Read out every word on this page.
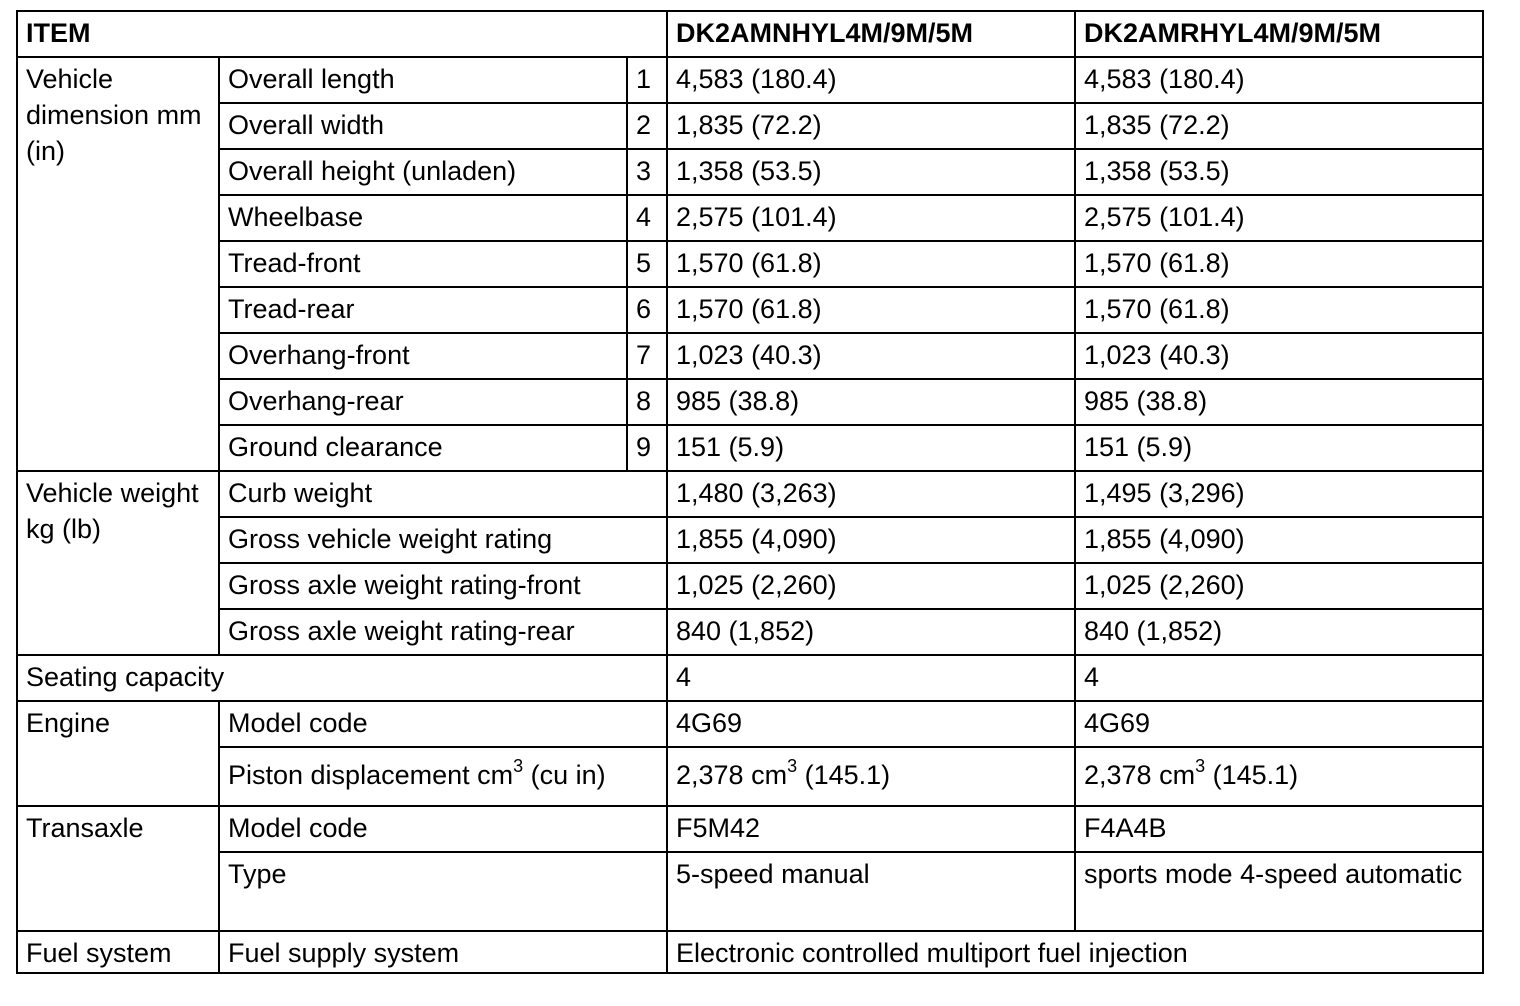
ITEM			DK2AMNHYL4M/9M/5M	DK2AMRHYL4M/9M/5M
Vehicle dimension mm (in)	Overall length	1	4,583 (180.4)	4,583 (180.4)
	Overall width	2	1,835 (72.2)	1,835 (72.2)
	Overall height (unladen)	3	1,358 (53.5)	1,358 (53.5)
	Wheelbase	4	2,575 (101.4)	2,575 (101.4)
	Tread-front	5	1,570 (61.8)	1,570 (61.8)
	Tread-rear	6	1,570 (61.8)	1,570 (61.8)
	Overhang-front	7	1,023 (40.3)	1,023 (40.3)
	Overhang-rear	8	985 (38.8)	985 (38.8)
	Ground clearance	9	151 (5.9)	151 (5.9)
Vehicle weight kg (lb)	Curb weight		1,480 (3,263)	1,495 (3,296)
	Gross vehicle weight rating		1,855 (4,090)	1,855 (4,090)
	Gross axle weight rating-front		1,025 (2,260)	1,025 (2,260)
	Gross axle weight rating-rear		840 (1,852)	840 (1,852)
Seating capacity			4	4
Engine	Model code		4G69	4G69
	Piston displacement $cm^3$ (cu in)		2,378 $cm^3$ (145.1)	2,378 $cm^3$ (145.1)
Transaxle	Model code		F5M42	F4A4B
	Type		5-speed manual	sports mode 4-speed automatic
Fuel system	Fuel supply system		Electronic controlled multiport fuel injection	
